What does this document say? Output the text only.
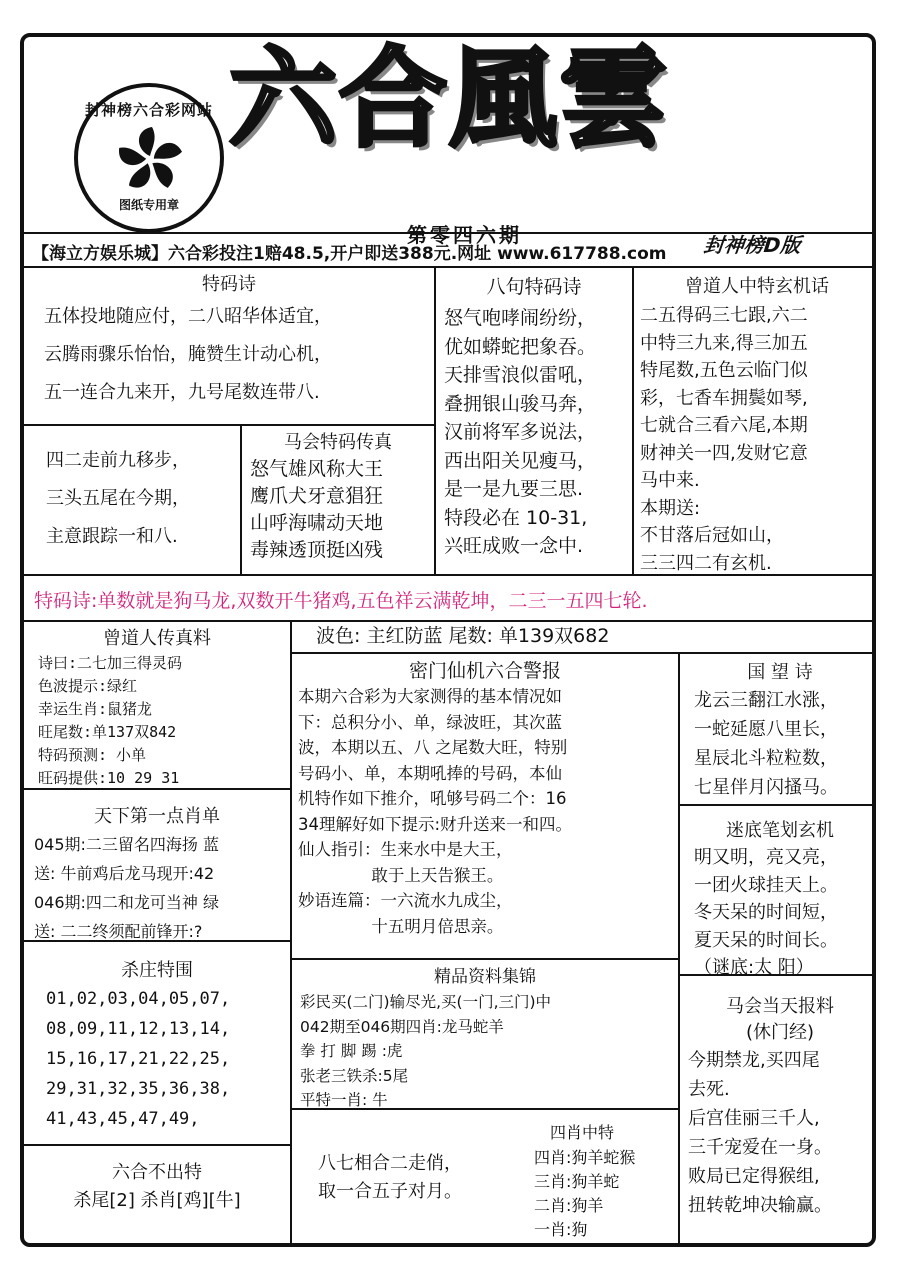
封神榜六合彩网站
图纸专用章
六合風雲
第零四六期	封神榜D版
【海立方娱乐城】六合彩投注1赔48.5,开户即送388元.网址 www.617788.com
特码诗
五体投地随应付，二八昭华体适宜，
云腾雨骤乐怡怡，腌赞生计动心机，
五一连合九来开，九号尾数连带八.
四二走前九移步，
三头五尾在今期，
主意跟踪一和八.
马会特码传真
怒气雄风称大王
鹰爪犬牙意猖狂
山呼海啸动天地
毒辣透顶挺凶残
八句特码诗
怒气咆哮闹纷纷，
优如蟒蛇把象吞。
天排雪浪似雷吼，
叠拥银山骏马奔，
汉前将军多说法，
西出阳关见瘦马，
是一是九要三思.
特段必在 10-31,
兴旺成败一念中.
曾道人中特玄机话
二五得码三七跟,六二
中特三九来,得三加五
特尾数,五色云临门似
彩，七香车拥鬓如琴,
七就合三看六尾,本期
财神关一四,发财它意
马中来.
本期送:
不甘落后冠如山，
三三四二有玄机.
特码诗:单数就是狗马龙,双数开牛猪鸡,五色祥云满乾坤，二三一五四七轮.
曾道人传真料
诗曰:二七加三得灵码
色波提示:绿红
幸运生肖:鼠猪龙
旺尾数:单137双842
特码预测: 小单
旺码提供:10 29 31
天下第一点肖单
045期:二三留名四海扬 蓝
送: 牛前鸡后龙马现开:42
046期:四二和龙可当神 绿
送: 二二终须配前锋开:?
杀庄特围
01,02,03,04,05,07,
08,09,11,12,13,14,
15,16,17,21,22,25,
29,31,32,35,36,38,
41,43,45,47,49,
六合不出特
杀尾[2] 杀肖[鸡][牛]
波色: 主红防蓝 尾数: 单139双682
密门仙机六合警报
本期六合彩为大家测得的基本情况如
下：总积分小、单，绿波旺，其次蓝
波，本期以五、八 之尾数大旺，特别
号码小、单，本期吼捧的号码，本仙
机特作如下推介，吼够号码二个：16
34理解好如下提示:财升送来一和四。
仙人指引：生来水中是大王，
敢于上天告猴王。
妙语连篇：一六流水九成尘，
十五明月倍思亲。
精品资料集锦
彩民买(二门)输尽光,买(一门,三门)中
042期至046期四肖:龙马蛇羊
拳 打 脚 踢 :虎
张老三铁杀:5尾
平特一肖: 牛
八七相合二走俏，
取一合五子对月。
四肖中特
四肖:狗羊蛇猴
三肖:狗羊蛇
二肖:狗羊
一肖:狗
国 望 诗
龙云三翻江水涨，
一蛇延愿八里长，
星辰北斗粒粒数，
七星伴月闪搔马。
迷底笔划玄机
明又明，亮又亮，
一团火球挂天上。
冬天呆的时间短，
夏天呆的时间长。
（谜底:太 阳）
马会当天报料
(休门经)
今期禁龙,买四尾
去死.
后宫佳丽三千人,
三千宠爱在一身。
败局已定得猴组,
扭转乾坤决输赢。
